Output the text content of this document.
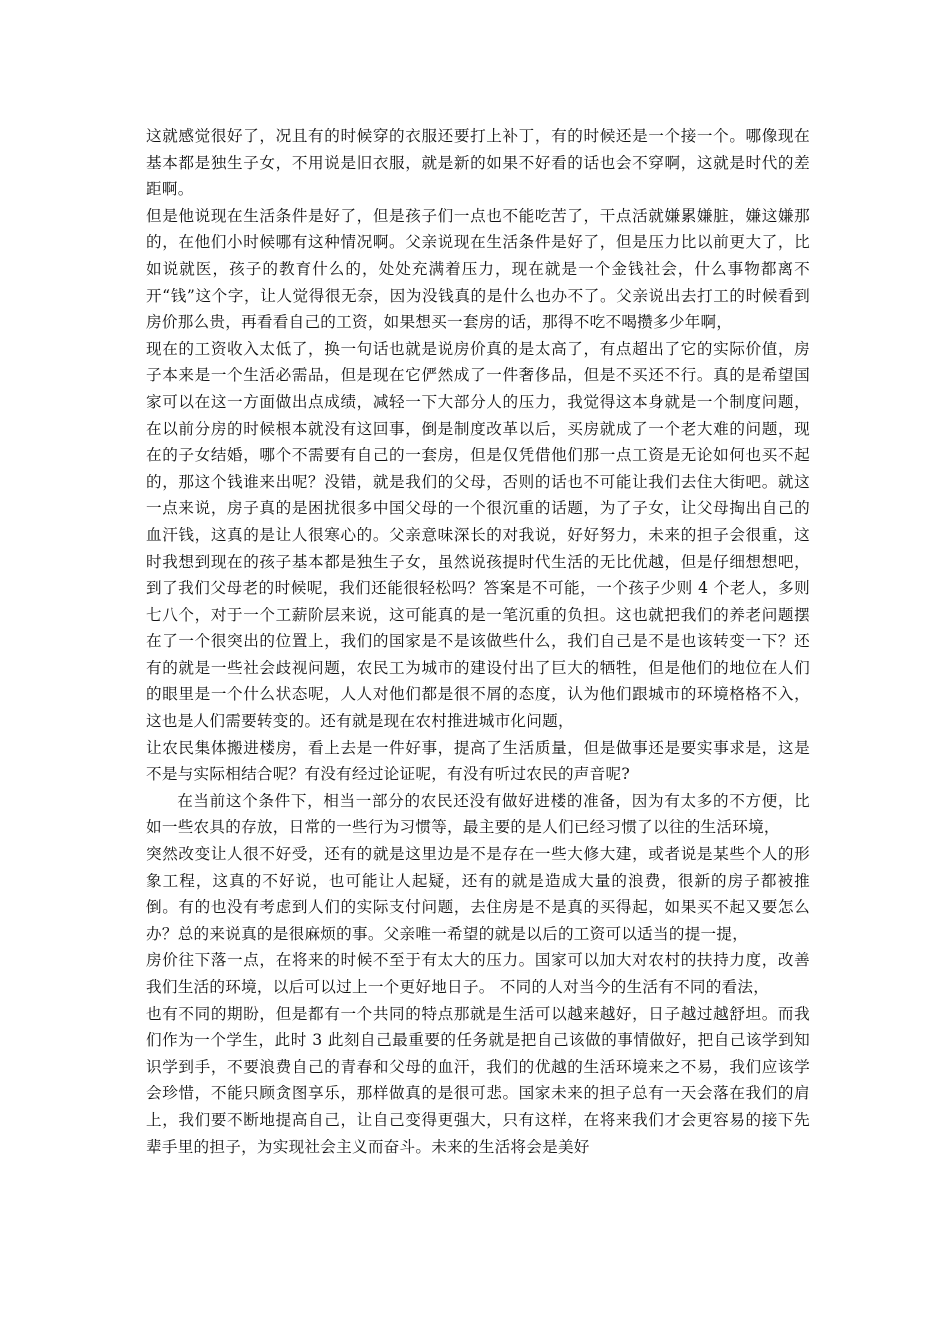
这就感觉很好了，况且有的时候穿的衣服还要打上补丁，有的时候还是一个接一个。哪像现在基本都是独生子女，不用说是旧衣服，就是新的如果不好看的话也会不穿啊，这就是时代的差距啊。

但是他说现在生活条件是好了，但是孩子们一点也不能吃苦了，干点活就嫌累嫌脏，嫌这嫌那的，在他们小时候哪有这种情况啊。父亲说现在生活条件是好了，但是压力比以前更大了，比如说就医，孩子的教育什么的，处处充满着压力，现在就是一个金钱社会，什么事物都离不开“钱”这个字，让人觉得很无奈，因为没钱真的是什么也办不了。父亲说出去打工的时候看到房价那么贵，再看看自己的工资，如果想买一套房的话，那得不吃不喝攒多少年啊，

现在的工资收入太低了，换一句话也就是说房价真的是太高了，有点超出了它的实际价值，房子本来是一个生活必需品，但是现在它俨然成了一件奢侈品，但是不买还不行。真的是希望国家可以在这一方面做出点成绩，减轻一下大部分人的压力，我觉得这本身就是一个制度问题，在以前分房的时候根本就没有这回事，倒是制度改革以后，买房就成了一个老大难的问题，现在的子女结婚，哪个不需要有自己的一套房，但是仅凭借他们那一点工资是无论如何也买不起的，那这个钱谁来出呢？没错，就是我们的父母，否则的话也不可能让我们去住大街吧。就这一点来说，房子真的是困扰很多中国父母的一个很沉重的话题，为了子女，让父母掏出自己的血汗钱，这真的是让人很寒心的。父亲意味深长的对我说，好好努力，未来的担子会很重，这时我想到现在的孩子基本都是独生子女，虽然说孩提时代生活的无比优越，但是仔细想想吧，到了我们父母老的时候呢，我们还能很轻松吗？答案是不可能，一个孩子少则 4 个老人，多则七八个，对于一个工薪阶层来说，这可能真的是一笔沉重的负担。这也就把我们的养老问题摆在了一个很突出的位置上，我们的国家是不是该做些什么，我们自己是不是也该转变一下？还有的就是一些社会歧视问题，农民工为城市的建设付出了巨大的牺牲，但是他们的地位在人们的眼里是一个什么状态呢，人人对他们都是很不屑的态度，认为他们跟城市的环境格格不入，这也是人们需要转变的。还有就是现在农村推进城市化问题，

让农民集体搬进楼房，看上去是一件好事，提高了生活质量，但是做事还是要实事求是，这是不是与实际相结合呢？有没有经过论证呢，有没有听过农民的声音呢?

在当前这个条件下，相当一部分的农民还没有做好进楼的准备，因为有太多的不方便，比如一些农具的存放，日常的一些行为习惯等，最主要的是人们已经习惯了以往的生活环境，

突然改变让人很不好受，还有的就是这里边是不是存在一些大修大建，或者说是某些个人的形象工程，这真的不好说，也可能让人起疑，还有的就是造成大量的浪费，很新的房子都被推倒。有的也没有考虑到人们的实际支付问题，去住房是不是真的买得起，如果买不起又要怎么办？总的来说真的是很麻烦的事。父亲唯一希望的就是以后的工资可以适当的提一提，

房价往下落一点，在将来的时候不至于有太大的压力。国家可以加大对农村的扶持力度，改善我们生活的环境，以后可以过上一个更好地日子。 不同的人对当今的生活有不同的看法，

也有不同的期盼，但是都有一个共同的特点那就是生活可以越来越好，日子越过越舒坦。而我们作为一个学生，此时 3 此刻自己最重要的任务就是把自己该做的事情做好，把自己该学到知识学到手，不要浪费自己的青春和父母的血汗，我们的优越的生活环境来之不易，我们应该学会珍惜，不能只顾贪图享乐，那样做真的是很可悲。国家未来的担子总有一天会落在我们的肩上，我们要不断地提高自己，让自己变得更强大，只有这样，在将来我们才会更容易的接下先辈手里的担子，为实现社会主义而奋斗。未来的生活将会是美好
